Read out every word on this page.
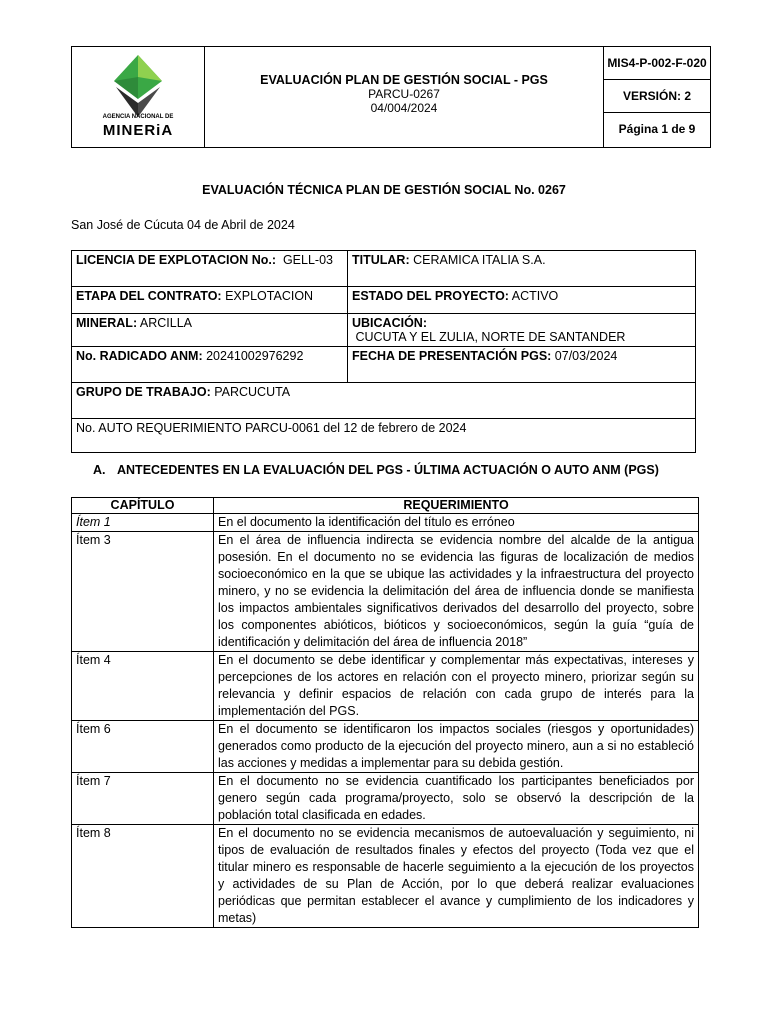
AGENCIA NACIONAL DE
MINERiA
EVALUACIÓN PLAN DE GESTIÓN SOCIAL - PGS
PARCU-0267
04/004/2024
MIS4-P-002-F-020
VERSIÓN: 2
Página 1 de 9
EVALUACIÓN TÉCNICA PLAN DE GESTIÓN SOCIAL No. 0267
San José de Cúcuta 04 de Abril de 2024
LICENCIA DE EXPLOTACION No.:  GELL-03	TITULAR: CERAMICA ITALIA S.A.
ETAPA DEL CONTRATO: EXPLOTACION	ESTADO DEL PROYECTO: ACTIVO
MINERAL: ARCILLA	UBICACIÓN: CUCUTA Y EL ZULIA, NORTE DE SANTANDER
No. RADICADO ANM: 20241002976292	FECHA DE PRESENTACIÓN PGS: 07/03/2024
GRUPO DE TRABAJO: PARCUCUTA	
No. AUTO REQUERIMIENTO PARCU-0061 del 12 de febrero de 2024	
A. ANTECEDENTES EN LA EVALUACIÓN DEL PGS - ÚLTIMA ACTUACIÓN O AUTO ANM (PGS)
CAPÍTULO	REQUERIMIENTO
Ítem 1	En el documento la identificación del título es erróneo
Ítem 3	En el área de influencia indirecta se evidencia nombre del alcalde de la antigua posesión. En el documento no se evidencia las figuras de localización de medios socioeconómico en la que se ubique las actividades y la infraestructura del proyecto minero, y no se evidencia la delimitación del área de influencia donde se manifiesta los impactos ambientales significativos derivados del desarrollo del proyecto, sobre los componentes abióticos, bióticos y socioeconómicos, según la guía “guía de identificación y delimitación del área de influencia 2018”
Ítem 4	En el documento se debe identificar y complementar más expectativas, intereses y percepciones de los actores en relación con el proyecto minero, priorizar según su relevancia y definir espacios de relación con cada grupo de interés para la implementación del PGS.
Ítem 6	En el documento se identificaron los impactos sociales (riesgos y oportunidades) generados como producto de la ejecución del proyecto minero, aun a si no estableció las acciones y medidas a implementar para su debida gestión.
Ítem 7	En el documento no se evidencia cuantificado los participantes beneficiados por genero según cada programa/proyecto, solo se observó la descripción de la población total clasificada en edades.
Ítem 8	En el documento no se evidencia mecanismos de autoevaluación y seguimiento, ni tipos de evaluación de resultados finales y efectos del proyecto (Toda vez que el titular minero es responsable de hacerle seguimiento a la ejecución de los proyectos y actividades de su Plan de Acción, por lo que deberá realizar evaluaciones periódicas que permitan establecer el avance y cumplimiento de los indicadores y metas)
